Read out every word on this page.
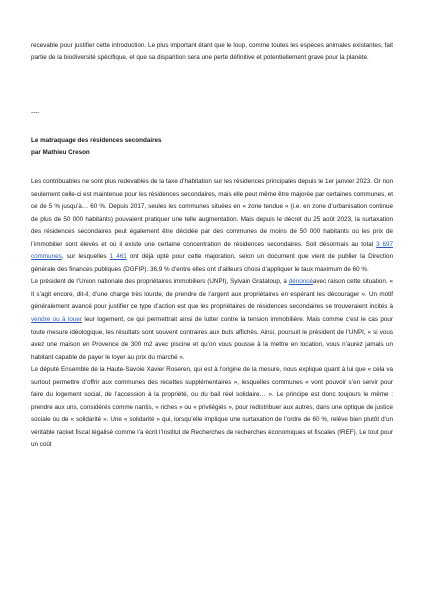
recevable pour justifier cette introduction. Le plus important étant que le loup, comme toutes les espèces animales existantes, fait partie de la biodiversité spécifique, et que sa disparition sera une perte définitive et potentiellement grave pour la planète.

----

Le matraquage des résidences secondaires
par Mathieu Creson

Les contribuables ne sont plus redevables de la taxe d’habitation sur les résidences principales depuis le 1er janvier 2023. Or non seulement celle-ci est maintenue pour les résidences secondaires, mais elle peut même être majorée par certaines communes, et ce de 5 % jusqu’à… 60 %. Depuis 2017, seules les communes situées en « zone tendue » (i.e. en zone d’urbanisation continue de plus de 50 000 habitants) pouvaient pratiquer une telle augmentation. Mais depuis le décret du 25 août 2023, la surtaxation des résidences secondaires peut également être décidée par des communes de moins de 50 000 habitants où les prix de l’immobilier sont élevés et où il existe une certaine concentration de résidences secondaires. Soit désormais au total 3 697 communes, sur lesquelles 1 461 ont déjà opté pour cette majoration, selon un document que vient de publier la Direction générale des finances publiques (DGFIP). 36,9 % d’entre elles ont d’ailleurs choisi d’appliquer le taux maximum de 60 %.

Le président de l’Union nationale des propriétaires immobiliers (UNPI), Sylvain Grataloup, a dénoncéavec raison cette situation. « Il s’agit encore, dit-il, d’une charge très lourde, de prendre de l’argent aux propriétaires en espérant les décourager ». Un motif généralement avancé pour justifier ce type d’action est que les propriétaires de résidences secondaires se trouveraient incités à vendre ou à louer leur logement, ce qui permettrait ainsi de lutter contre la tension immobilière. Mais comme c’est le cas pour toute mesure idéologique, les résultats sont souvent contraires aux buts affichés. Ainsi, poursuit le président de l’UNPI, « si vous avez une maison en Provence de 300 m2 avec piscine et qu’on vous pousse à la mettre en location, vous n’aurez jamais un habitant capable de payer le loyer au prix du marché ».

Le député Ensemble de la Haute-Savoie Xavier Roseren, qui est à l’origine de la mesure, nous explique quant à lui que « cela va surtout permettre d’offrir aux communes des recettes supplémentaires », lesquelles communes « vont pouvoir s’en servir pour faire du logement social, de l’accession à la propriété, ou du bail réel solidaire… ». Le principe est donc toujours le même : prendre aux uns, considérés comme nantis, « riches » ou « privilégiés », pour redistribuer aux autres, dans une optique de justice sociale ou de « solidarité ». Une « solidarité » qui, lorsqu’elle implique une surtaxation de l’ordre de 60 %, relève bien plutôt d’un véritable racket fiscal légalisé comme l’a écrit l’Institut de Recherches de recherches économiques et fiscales (IREF). Le tout pour un coût
